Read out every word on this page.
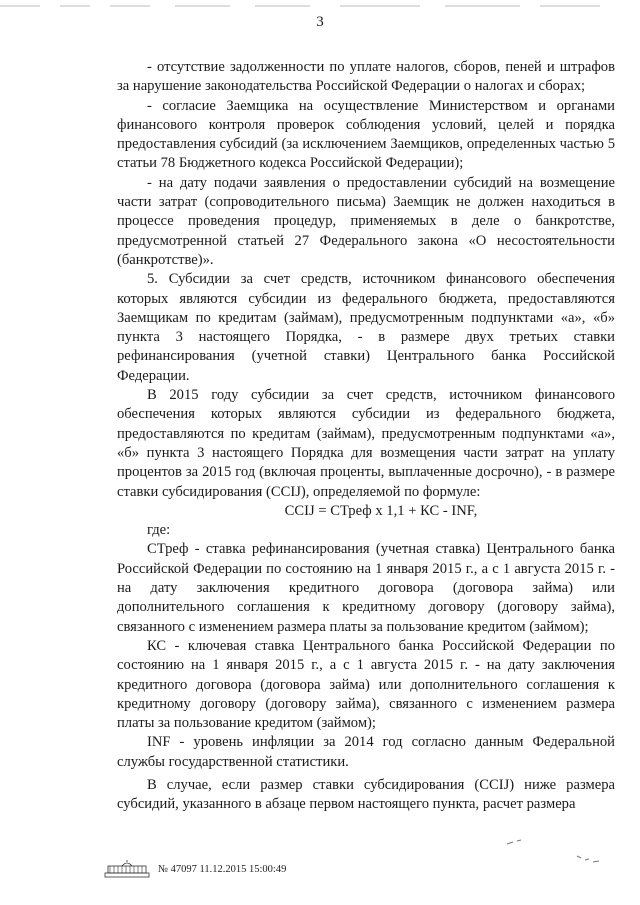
3

- отсутствие задолженности по уплате налогов, сборов, пеней и штрафов за нарушение законодательства Российской Федерации о налогах и сборах;

- согласие Заемщика на осуществление Министерством и органами финансового контроля проверок соблюдения условий, целей и порядка предоставления субсидий (за исключением Заемщиков, определенных частью 5 статьи 78 Бюджетного кодекса Российской Федерации);

- на дату подачи заявления о предоставлении субсидий на возмещение части затрат (сопроводительного письма) Заемщик не должен находиться в процессе проведения процедур, применяемых в деле о банкротстве, предусмотренной статьей 27 Федерального закона «О несостоятельности (банкротстве)».

5. Субсидии за счет средств, источником финансового обеспечения которых являются субсидии из федерального бюджета, предоставляются Заемщикам по кредитам (займам), предусмотренным подпунктами «а», «б» пункта 3 настоящего Порядка, - в размере двух третьих ставки рефинансирования (учетной ставки) Центрального банка Российской Федерации.

В 2015 году субсидии за счет средств, источником финансового обеспечения которых являются субсидии из федерального бюджета, предоставляются по кредитам (займам), предусмотренным подпунктами «а», «б» пункта 3 настоящего Порядка для возмещения части затрат на уплату процентов за 2015 год (включая проценты, выплаченные досрочно), - в размере ставки субсидирования (ССIJ), определяемой по формуле:

CCIJ = СТреф x 1,1 + КС - INF,

где:

СТреф - ставка рефинансирования (учетная ставка) Центрального банка Российской Федерации по состоянию на 1 января 2015 г., а с 1 августа 2015 г. - на дату заключения кредитного договора (договора займа) или дополнительного соглашения к кредитному договору (договору займа), связанного с изменением размера платы за пользование кредитом (займом);

КС - ключевая ставка Центрального банка Российской Федерации по состоянию на 1 января 2015 г., а с 1 августа 2015 г. - на дату заключения кредитного договора (договора займа) или дополнительного соглашения к кредитному договору (договору займа), связанного с изменением размера платы за пользование кредитом (займом);

INF - уровень инфляции за 2014 год согласно данным Федеральной службы государственной статистики.

В случае, если размер ставки субсидирования (CCIJ) ниже размера субсидий, указанного в абзаце первом настоящего пункта, расчет размера

№ 47097 11.12.2015 15:00:49
